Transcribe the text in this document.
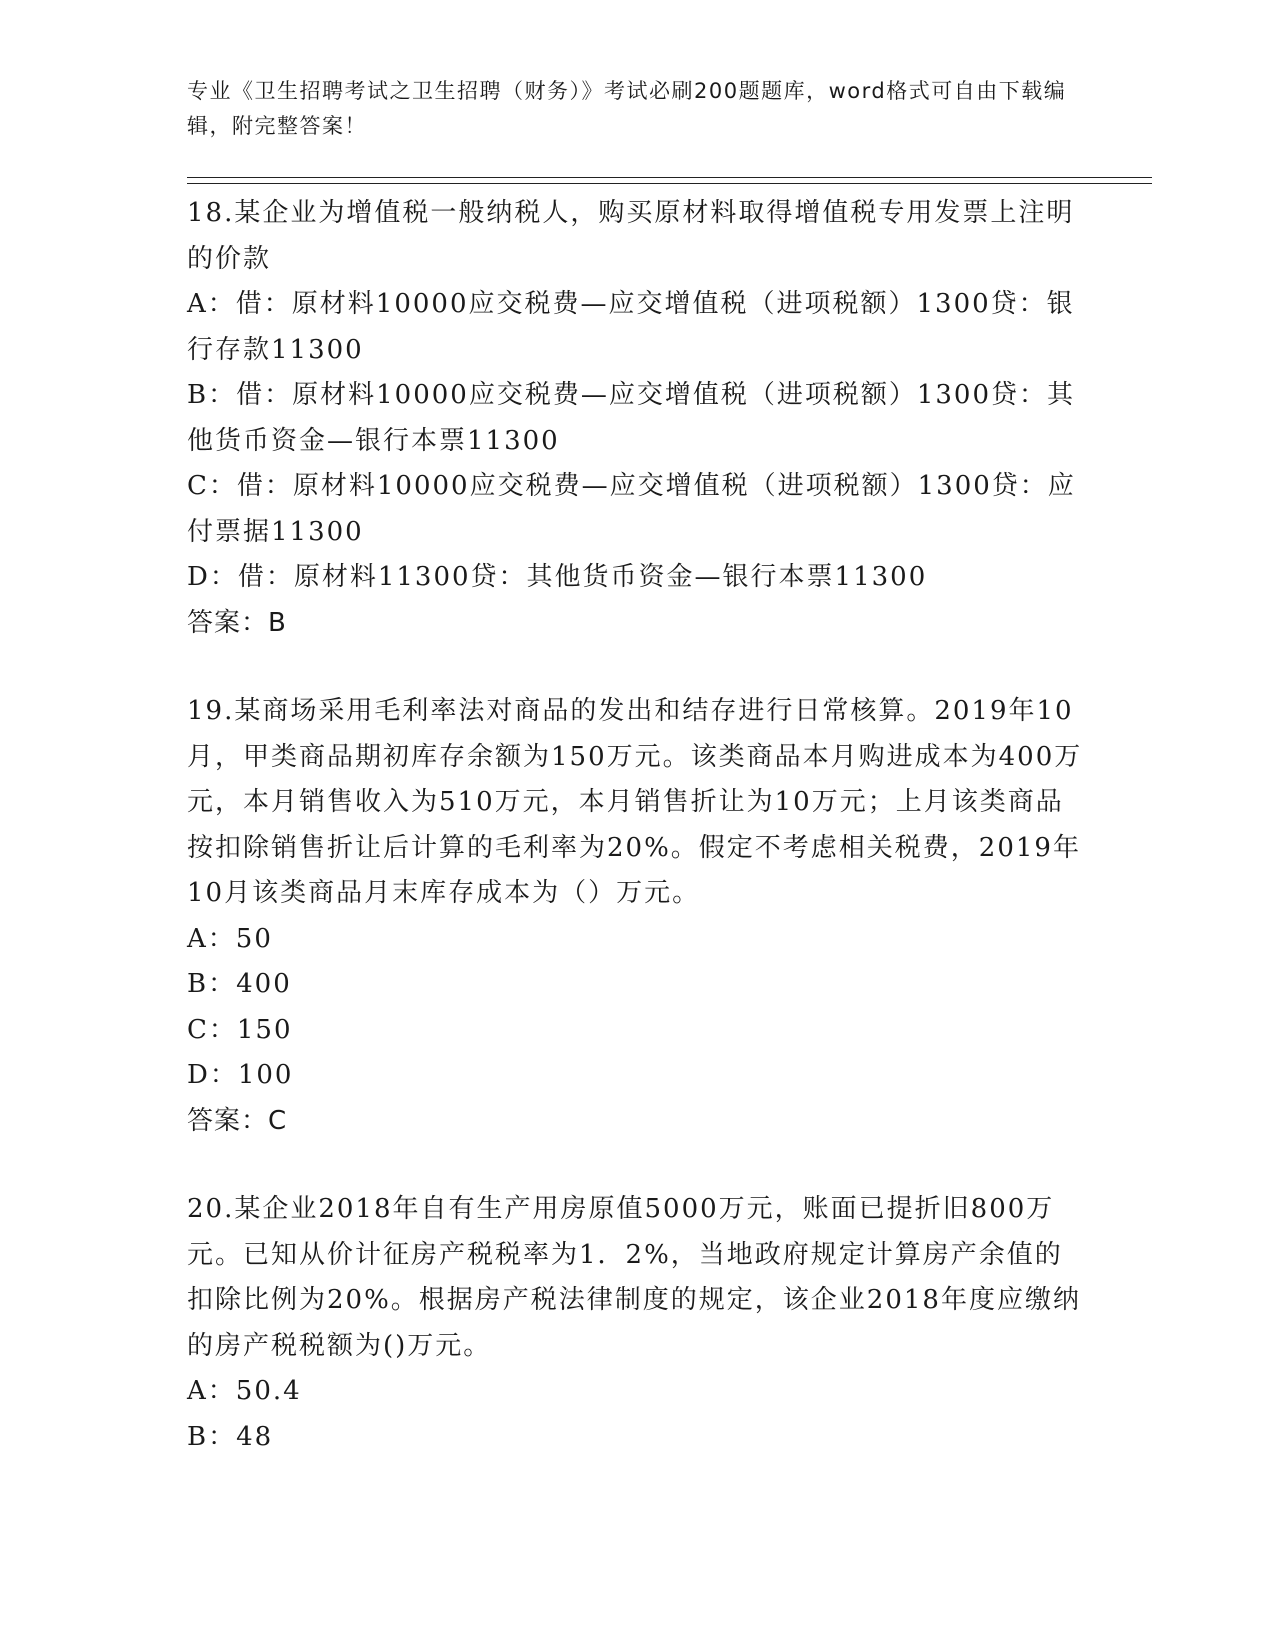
专业《卫生招聘考试之卫生招聘（财务）》考试必刷200题题库，word格式可自由下载编辑，附完整答案！

18.某企业为增值税一般纳税人，购买原材料取得增值税专用发票上注明的价款

A：借：原材料10000应交税费—应交增值税（进项税额）1300贷：银行存款11300

B：借：原材料10000应交税费—应交增值税（进项税额）1300贷：其他货币资金—银行本票11300

C：借：原材料10000应交税费—应交增值税（进项税额）1300贷：应付票据11300

D：借：原材料11300贷：其他货币资金—银行本票11300

答案：B

19.某商场采用毛利率法对商品的发出和结存进行日常核算。2019年10月，甲类商品期初库存余额为150万元。该类商品本月购进成本为400万元，本月销售收入为510万元，本月销售折让为10万元；上月该类商品按扣除销售折让后计算的毛利率为20%。假定不考虑相关税费，2019年10月该类商品月末库存成本为（）万元。

A：50

B：400

C：150

D：100

答案：C

20.某企业2018年自有生产用房原值5000万元，账面已提折旧800万元。已知从价计征房产税税率为1．2%，当地政府规定计算房产余值的扣除比例为20%。根据房产税法律制度的规定，该企业2018年度应缴纳的房产税税额为()万元。

A：50.4

B：48
